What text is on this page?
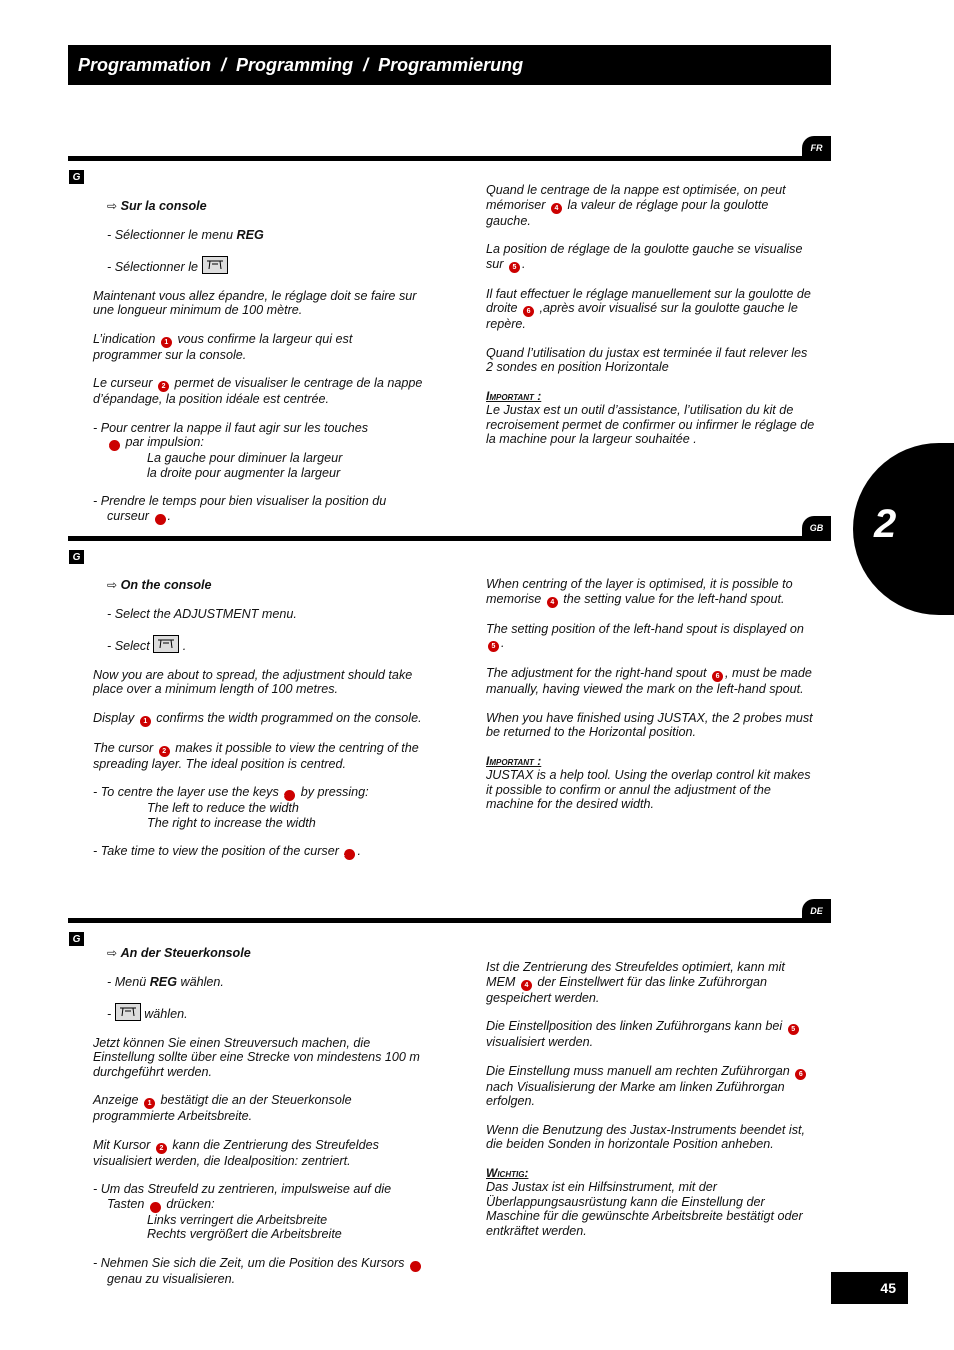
Programmation / Programming / Programmierung
2
FR
G

⇨ Sur la console

- Sélectionner le menu REG

- Sélectionner le

Maintenant vous allez épandre, le réglage doit se faire sur une longueur minimum de 100 mètre.

L’indication 1 vous confirme la largeur qui est programmer sur la console.

Le curseur 2 permet de visualiser le centrage de la nappe d’épandage, la position idéale est centrée.

- Pour centrer la nappe il faut agir sur les touches
3 par impulsion:

La gauche pour diminuer la largeur

la droite pour augmenter la largeur

- Prendre le temps pour bien visualiser la position du curseur 2 .

Quand le centrage de la nappe est optimisée, on peut mémoriser 4 la valeur de réglage pour la goulotte gauche.

La position de réglage de la goulotte gauche se visualise sur 5 .

Il faut effectuer le réglage manuellement sur la goulotte de droite 6 ,après avoir visualisé sur la goulotte gauche le repère.

Quand l’utilisation du justax est terminée il faut relever les 2 sondes en position Horizontale

Important :

Le Justax est un outil d’assistance, l’utilisation du kit de recroisement permet de confirmer ou infirmer le réglage de la machine pour la largeur souhaitée .

GB
G

⇨ On the console

- Select the ADJUSTMENT menu.

- Select	.

Now you are about to spread, the adjustment should take place over a minimum length of 100 metres.

Display 1 confirms the width programmed on the console.

The cursor 2 makes it possible to view the centring of the spreading layer. The ideal position is centred.

- To centre the layer use the keys 3 by pressing:

The left to reduce the width

The right to increase the width

- Take time to view the position of the curser 2 .

When centring of the layer is optimised, it is possible to memorise 4 the setting value for the left-hand spout.

The setting position of the left-hand spout is displayed on 5 .

The adjustment for the right-hand spout 6 , must be made manually, having viewed the mark on the left-hand spout.

When you have finished using JUSTAX, the 2 probes must be returned to the Horizontal position.

Important :

JUSTAX is a help tool. Using the overlap control kit makes it possible to confirm or annul the adjustment of the machine for the desired width.

DE
G

⇨ An der Steuerkonsole

- Menü REG wählen.

-	wählen.

Jetzt können Sie einen Streuversuch machen, die Einstellung sollte über eine Strecke von mindestens 100 m durchgeführt werden.

Anzeige 1 bestätigt die an der Steuerkonsole programmierte Arbeitsbreite.

Mit Kursor 2 kann die Zentrierung des Streufeldes visualisiert werden, die Idealposition: zentriert.

- Um das Streufeld zu zentrieren, impulsweise auf die Tasten 3 drücken:

Links verringert die Arbeitsbreite

Rechts vergrößert die Arbeitsbreite

- Nehmen Sie sich die Zeit, um die Position des Kursors 2 genau zu visualisieren.

Ist die Zentrierung des Streufeldes optimiert, kann mit MEM 4 der Einstellwert für das linke Zuführorgan gespeichert werden.

Die Einstellposition des linken Zuführorgans kann bei 5 visualisiert werden.

Die Einstellung muss manuell am rechten Zuführorgan 6 nach Visualisierung der Marke am linken Zuführorgan erfolgen.

Wenn die Benutzung des Justax-Instruments beendet ist, die beiden Sonden in horizontale Position anheben.

Wichtig:

Das Justax ist ein Hilfsinstrument, mit der Überlappungsausrüstung kann die Einstellung der Maschine für die gewünschte Arbeitsbreite bestätigt oder entkräftet werden.

45
